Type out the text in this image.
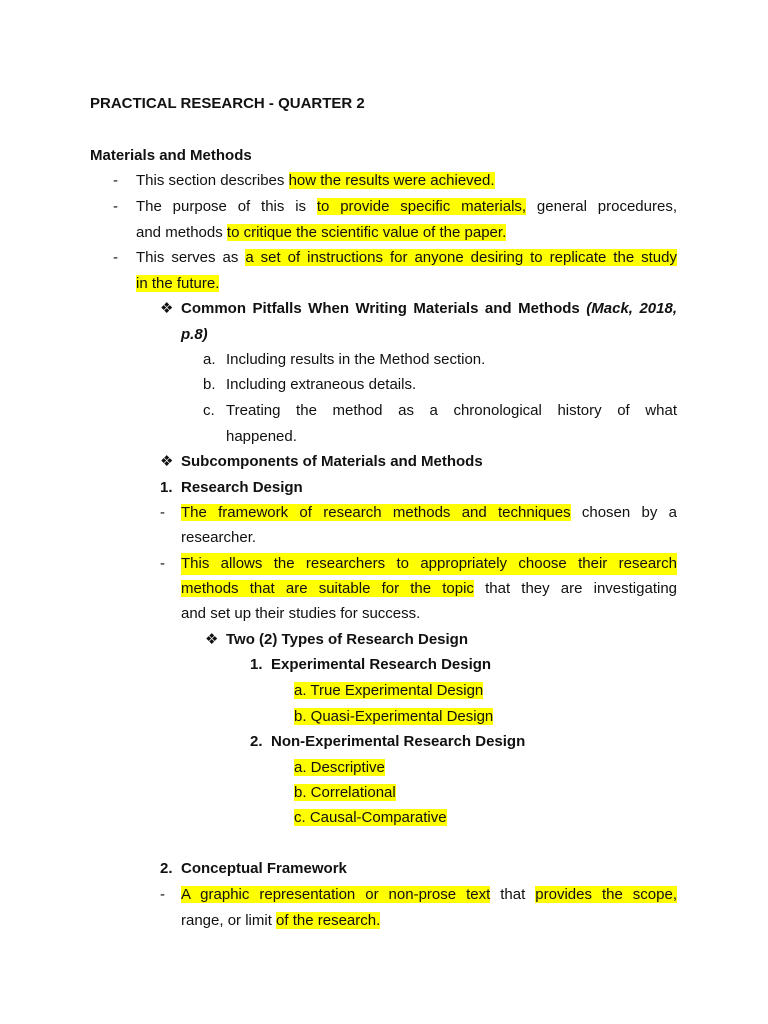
PRACTICAL RESEARCH - QUARTER 2
Materials and Methods
- This section describes how the results were achieved.
- The purpose of this is to provide specific materials, general procedures,
and methods to critique the scientific value of the paper.
- This serves as a set of instructions for anyone desiring to replicate the study
in the future.
❖ Common Pitfalls When Writing Materials and Methods (Mack, 2018,
p.8)
a. Including results in the Method section.
b. Including extraneous details.
c. Treating the method as a chronological history of what
happened.
❖ Subcomponents of Materials and Methods
1. Research Design
- The framework of research methods and techniques chosen by a
researcher.
- This allows the researchers to appropriately choose their research
methods that are suitable for the topic that they are investigating
and set up their studies for success.
❖ Two (2) Types of Research Design
1. Experimental Research Design
a. True Experimental Design
b. Quasi-Experimental Design
2. Non-Experimental Research Design
a. Descriptive
b. Correlational
c. Causal-Comparative
2. Conceptual Framework
- A graphic representation or non-prose text that provides the scope,
range, or limit of the research.
